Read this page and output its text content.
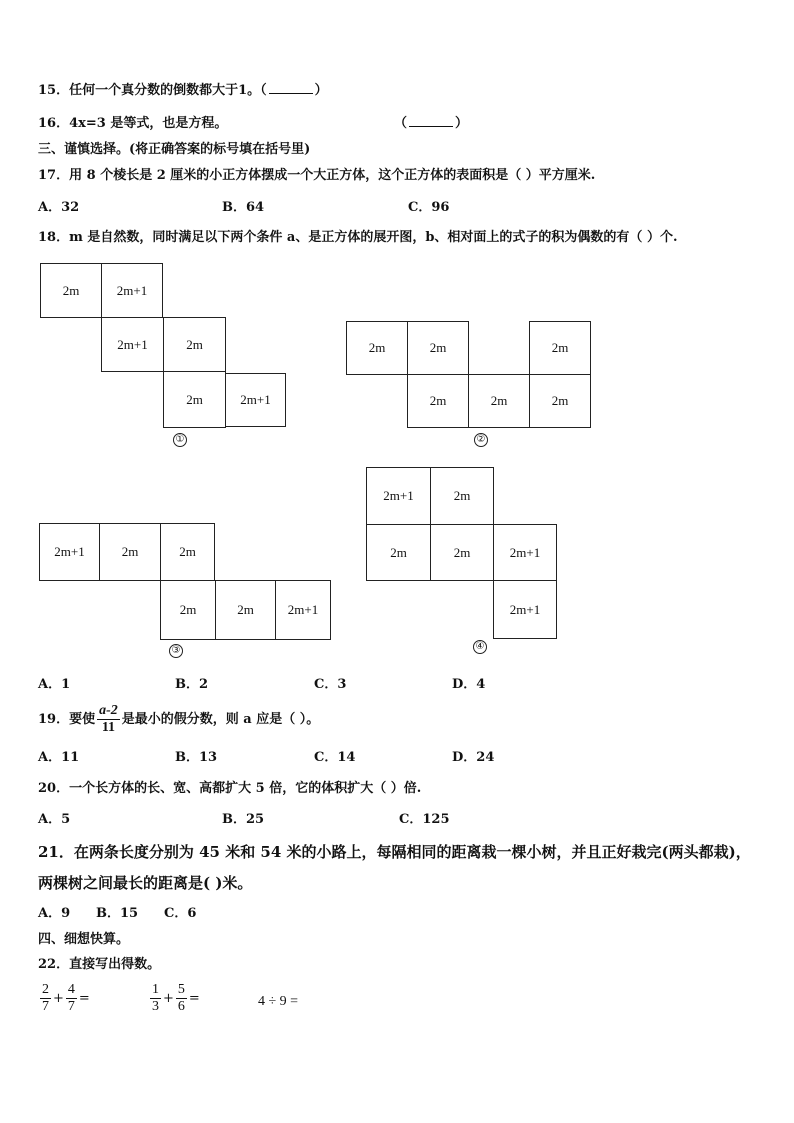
15．任何一个真分数的倒数都大于1。（	）
16．4x=3 是等式，也是方程。	（	）
三、谨慎选择。(将正确答案的标号填在括号里)
17．用 8 个棱长是 2 厘米的小正方体摆成一个大正方体，这个正方体的表面积是（ ）平方厘米.
A．32	B．64	C．96
18．m 是自然数，同时满足以下两个条件 a、是正方体的展开图，b、相对面上的式子的积为偶数的有（ ）个.
2m	2m+1
2m+1	2m
2m	2m+1
①
2m	2m	2m
2m	2m	2m
②
2m+1	2m	2m
2m	2m	2m+1
③
2m+1	2m
2m	2m	2m+1
2m+1
④
A．1	B．2	C．3	D．4
19．要使 $\frac{a-2}{11}$ 是最小的假分数，则 a 应是（ ）。
A．11	B．13	C．14	D．24
20．一个长方体的长、宽、高都扩大 5 倍，它的体积扩大（ ）倍.
A．5	B．25	C．125
21．在两条长度分别为 45 米和 54 米的小路上，每隔相同的距离栽一棵小树，并且正好栽完(两头都栽)，
两棵树之间最长的距离是( )米。
A．9 B．15 C．6
四、细想快算。
22．直接写出得数。
$\frac{2}{7} + \frac{4}{7}$ =	$\frac{1}{3} + \frac{5}{6}$ =	4 ÷ 9 =
